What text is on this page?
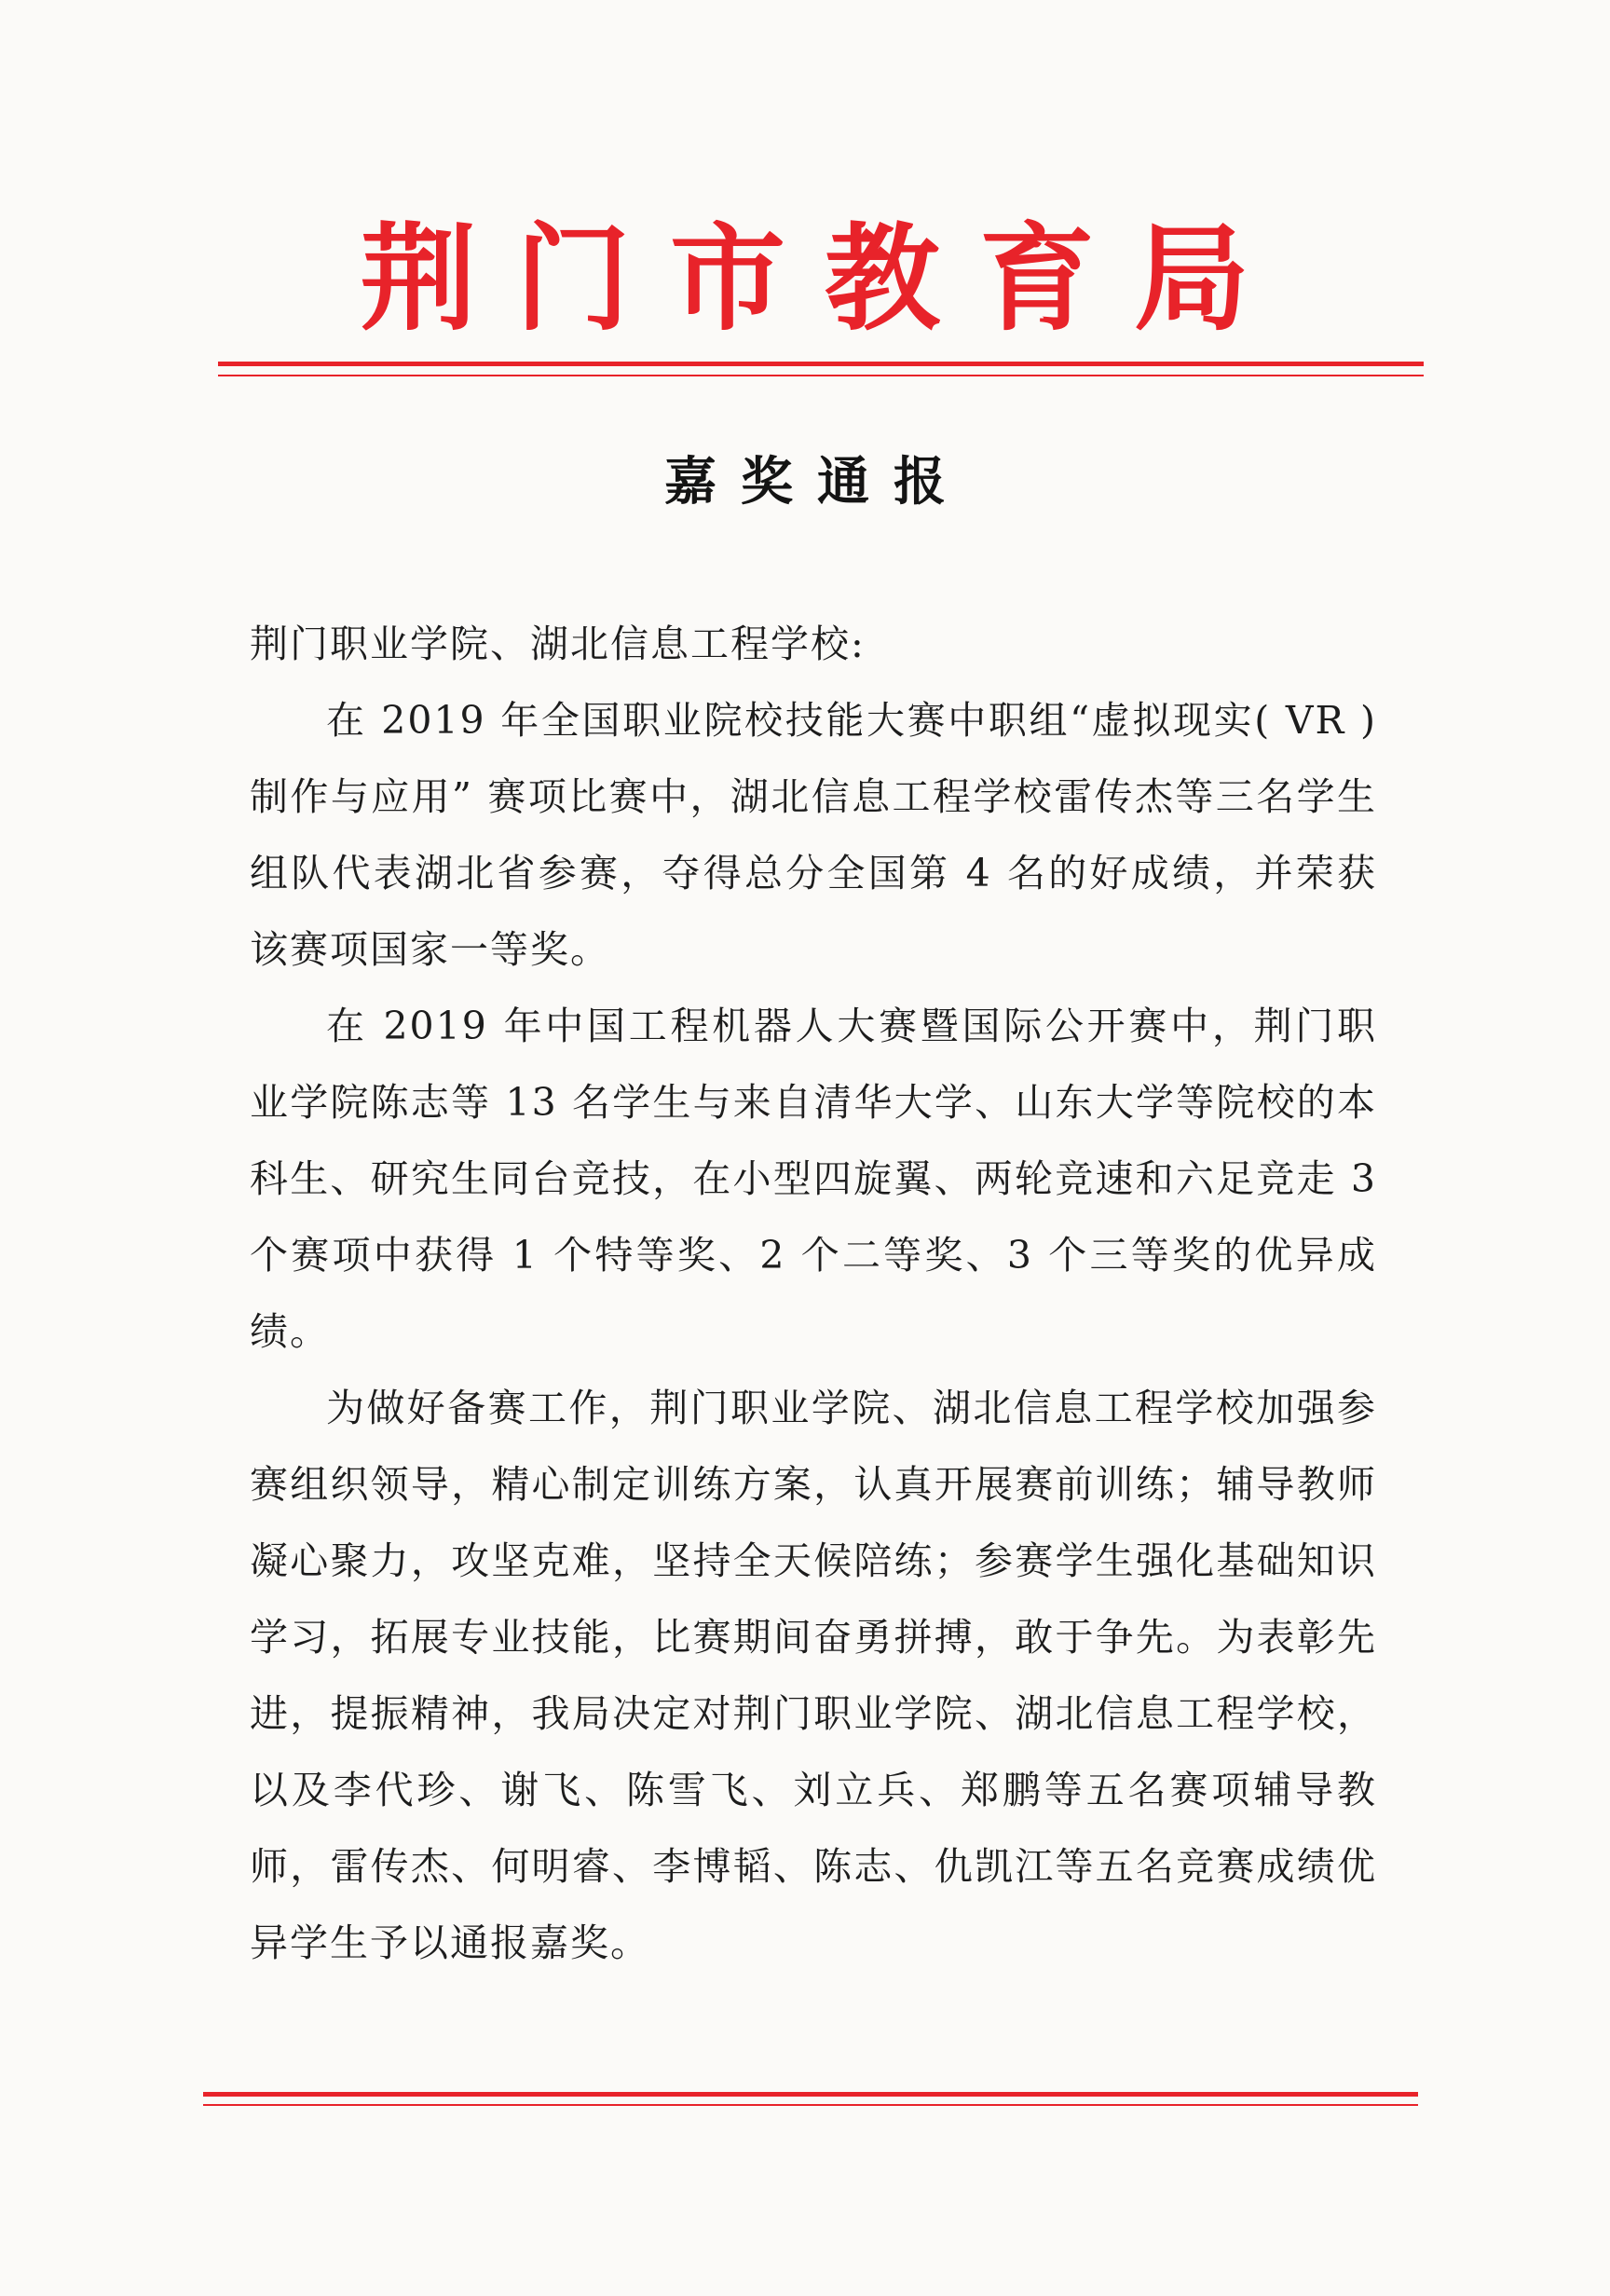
荆门市教育局
嘉奖通报

荆门职业学院、湖北信息工程学校:

在 2019 年全国职业院校技能大赛中职组“虚拟现实( VR )制作与应用” 赛项比赛中，湖北信息工程学校雷传杰等三名学生组队代表湖北省参赛，夺得总分全国第 4 名的好成绩，并荣获该赛项国家一等奖。

在 2019 年中国工程机器人大赛暨国际公开赛中，荆门职业学院陈志等 13 名学生与来自清华大学、山东大学等院校的本科生、研究生同台竞技，在小型四旋翼、两轮竞速和六足竞走 3 个赛项中获得 1 个特等奖、2 个二等奖、3 个三等奖的优异成绩。

为做好备赛工作，荆门职业学院、湖北信息工程学校加强参赛组织领导，精心制定训练方案，认真开展赛前训练；辅导教师凝心聚力，攻坚克难，坚持全天候陪练；参赛学生强化基础知识学习，拓展专业技能，比赛期间奋勇拼搏，敢于争先。为表彰先进，提振精神，我局决定对荆门职业学院、湖北信息工程学校，以及李代珍、谢飞、陈雪飞、刘立兵、郑鹏等五名赛项辅导教师，雷传杰、何明睿、李博韬、陈志、仇凯江等五名竞赛成绩优异学生予以通报嘉奖。
